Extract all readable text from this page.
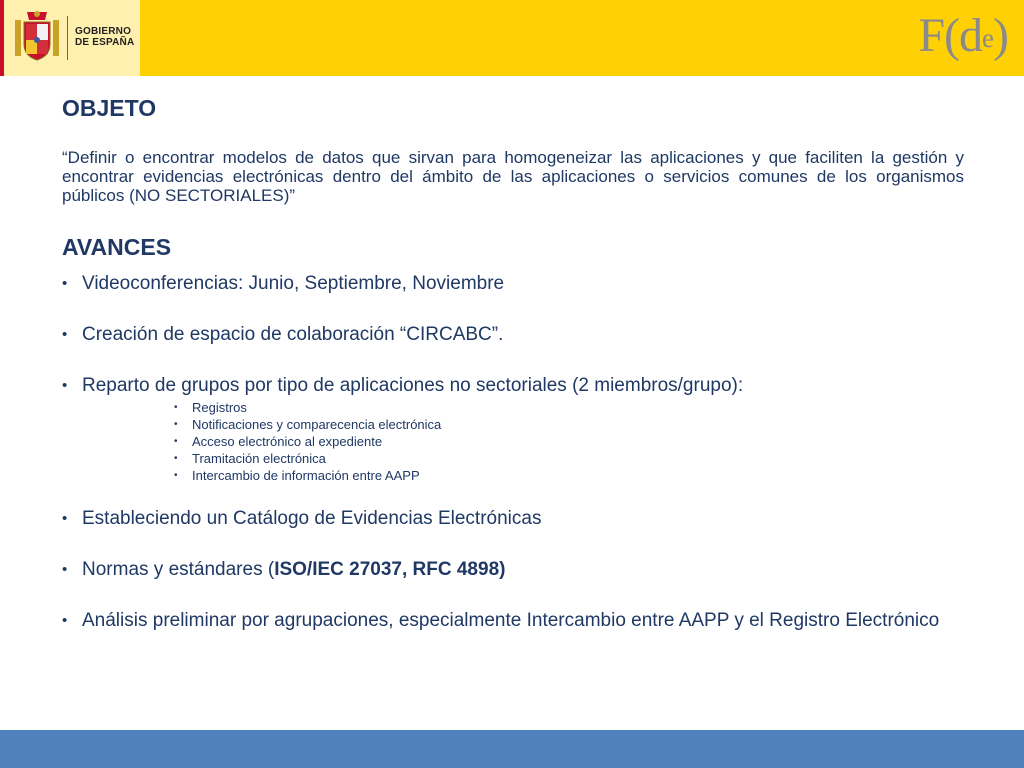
GOBIERNO
DE ESPAÑA	$F(d^e)$
OBJETO

“Definir o encontrar modelos de datos que sirvan para homogeneizar las aplicaciones y que faciliten la gestión y encontrar evidencias electrónicas dentro del ámbito de las aplicaciones o servicios comunes de los organismos públicos (NO SECTORIALES)”

AVANCES
• Videoconferencias: Junio, Septiembre, Noviembre
• Creación de espacio de colaboración “CIRCABC”.
• Reparto de grupos por tipo de aplicaciones no sectoriales (2 miembros/grupo):
• Registros
• Notificaciones y comparecencia electrónica
• Acceso electrónico al expediente
• Tramitación electrónica
• Intercambio de información entre AAPP
• Estableciendo un Catálogo de Evidencias Electrónicas
• Normas y estándares (ISO/IEC 27037, RFC 4898)
• Análisis preliminar por agrupaciones, especialmente Intercambio entre AAPP y el Registro Electrónico
